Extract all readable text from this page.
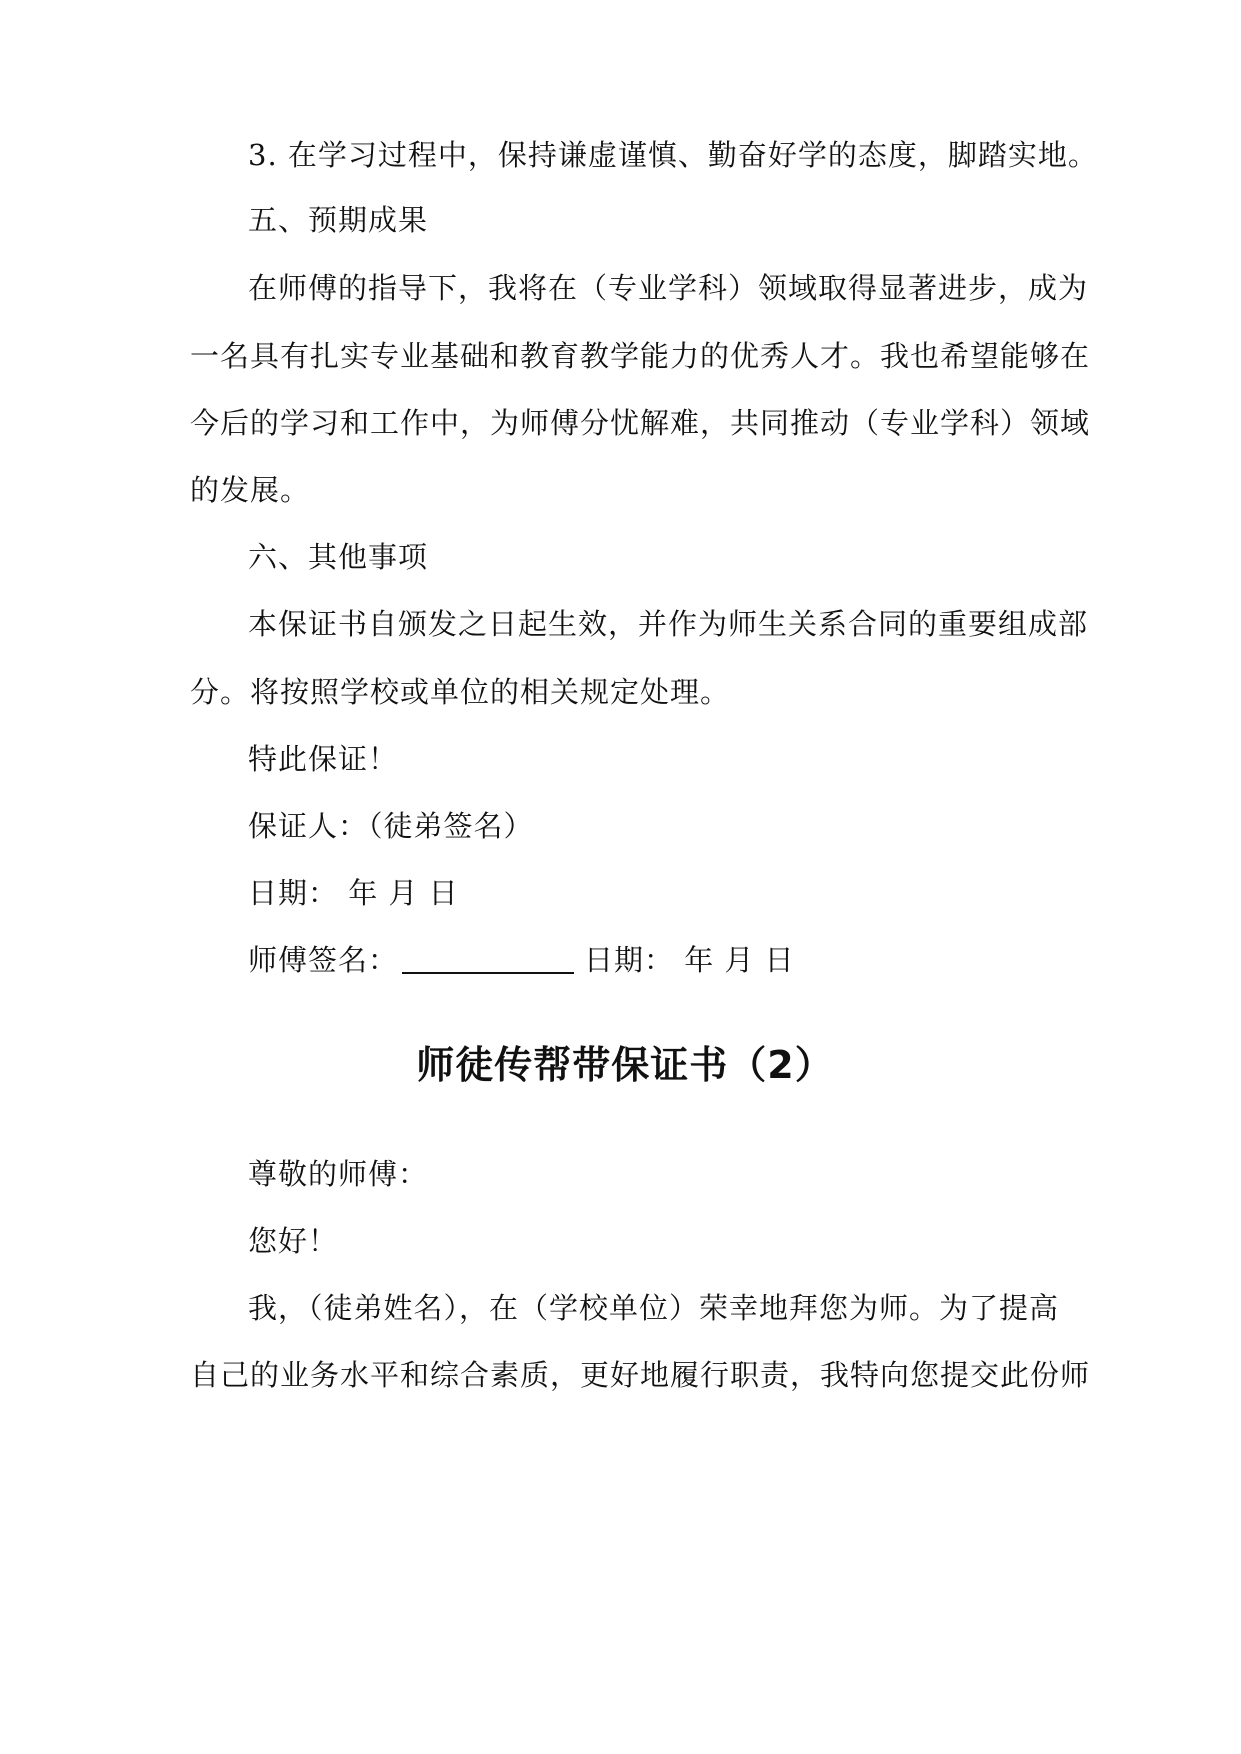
3. 在学习过程中，保持谦虚谨慎、勤奋好学的态度，脚踏实地。
五、预期成果
在师傅的指导下，我将在（专业学科）领域取得显著进步，成为
一名具有扎实专业基础和教育教学能力的优秀人才。我也希望能够在
今后的学习和工作中，为师傅分忧解难，共同推动（专业学科）领域
的发展。
六、其他事项
本保证书自颁发之日起生效，并作为师生关系合同的重要组成部
分。将按照学校或单位的相关规定处理。
特此保证！
保证人：（徒弟签名）
日期： 年 月 日
师傅签名：	日期： 年 月 日
师徒传帮带保证书（2）
尊敬的师傅：
您好！
我，（徒弟姓名），在（学校单位）荣幸地拜您为师。为了提高
自己的业务水平和综合素质，更好地履行职责，我特向您提交此份师
